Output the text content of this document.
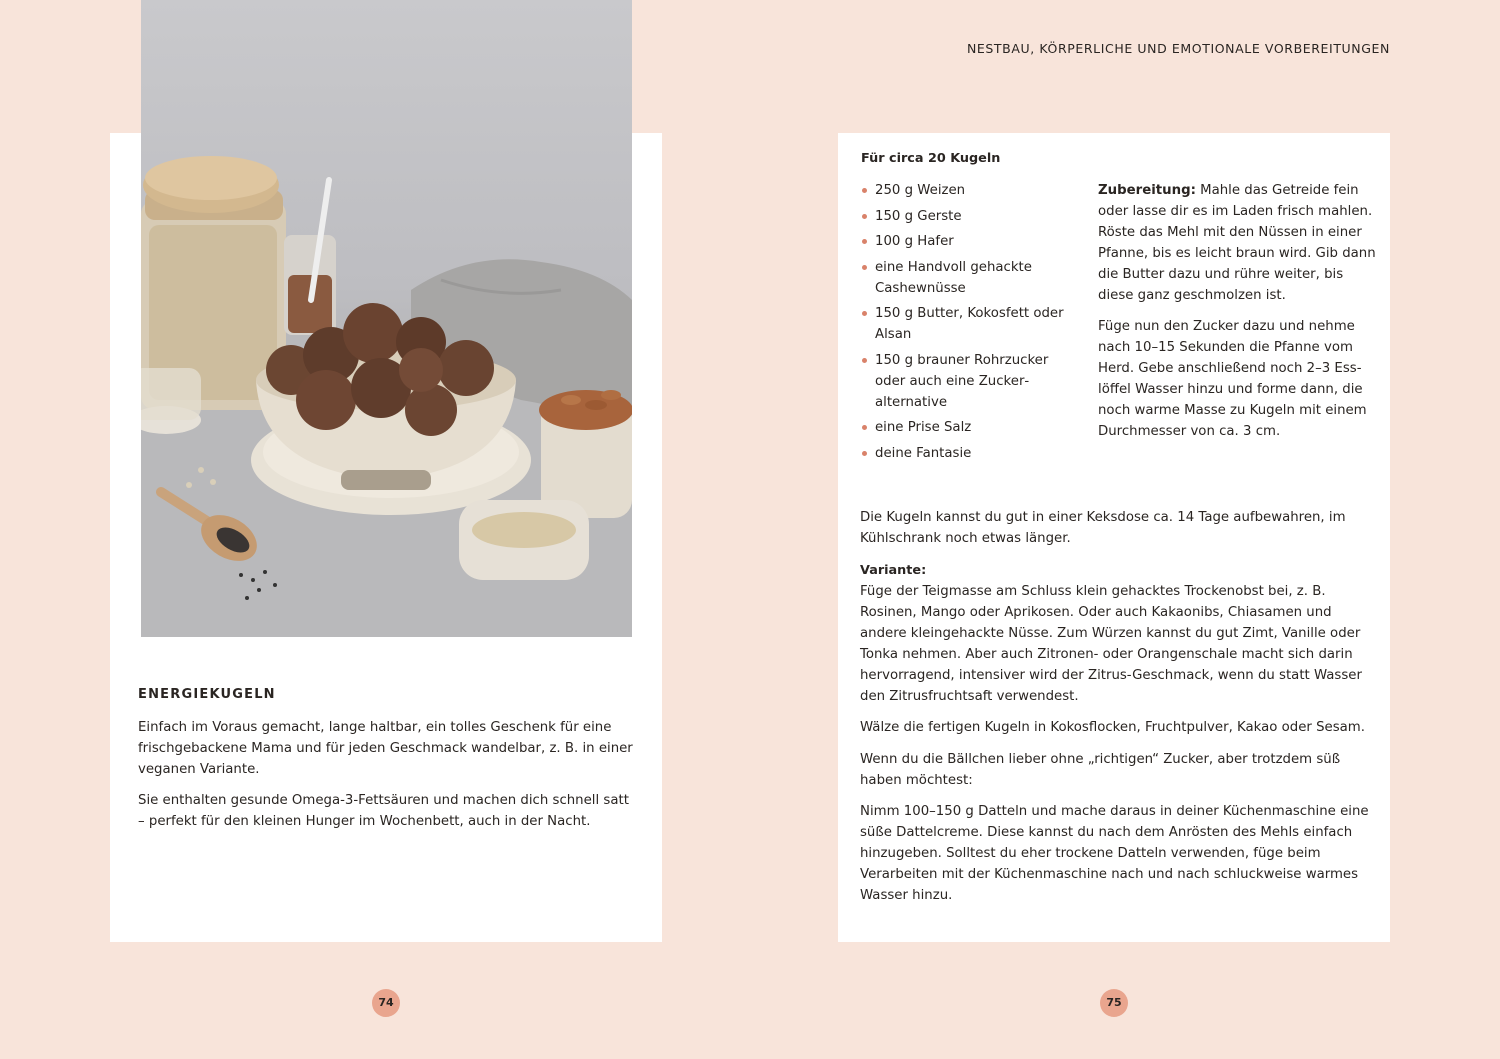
NESTBAU, KÖRPERLICHE UND EMOTIONALE VORBEREITUNGEN
ENERGIEKUGELN

Einfach im Voraus gemacht, lange haltbar, ein tolles Geschenk für eine frischgebackene Mama und für jeden Geschmack wandelbar, z. B. in einer veganen Variante.

Sie enthalten gesunde Omega-3-Fettsäuren und machen dich schnell satt – perfekt für den kleinen Hunger im Wochenbett, auch in der Nacht.

Für circa 20 Kugeln
250 g Weizen
150 g Gerste
100 g Hafer
eine Handvoll gehackte Cashewnüsse
150 g Butter, Kokosfett oder Alsan
150 g brauner Rohrzucker oder auch eine Zuckeralternative
eine Prise Salz
deine Fantasie

Zubereitung: Mahle das Getreide fein oder lasse dir es im Laden frisch mahlen. Röste das Mehl mit den Nüssen in einer Pfanne, bis es leicht braun wird. Gib dann die Butter dazu und rühre weiter, bis diese ganz geschmolzen ist.

Füge nun den Zucker dazu und nehme nach 10–15 Sekunden die Pfanne vom Herd. Gebe anschließend noch 2–3 Esslöffel Wasser hinzu und forme dann, die noch warme Masse zu Kugeln mit einem Durchmesser von ca. 3 cm.

Die Kugeln kannst du gut in einer Keksdose ca. 14 Tage aufbewahren, im Kühlschrank noch etwas länger.

Variante:
Füge der Teigmasse am Schluss klein gehacktes Trockenobst bei, z. B. Rosinen, Mango oder Aprikosen. Oder auch Kakaonibs, Chiasamen und andere kleingehackte Nüsse. Zum Würzen kannst du gut Zimt, Vanille oder Tonka nehmen. Aber auch Zitronen- oder Orangenschale macht sich darin hervorragend, intensiver wird der Zitrus-Geschmack, wenn du statt Wasser den Zitrusfruchtsaft verwendest.

Wälze die fertigen Kugeln in Kokosflocken, Fruchtpulver, Kakao oder Sesam.

Wenn du die Bällchen lieber ohne „richtigen“ Zucker, aber trotzdem süß haben möchtest:

Nimm 100–150 g Datteln und mache daraus in deiner Küchenmaschine eine süße Dattelcreme. Diese kannst du nach dem Anrösten des Mehls einfach hinzugeben. Solltest du eher trockene Datteln verwenden, füge beim Verarbeiten mit der Küchenmaschine nach und nach schluckweise warmes Wasser hinzu.

74	75
